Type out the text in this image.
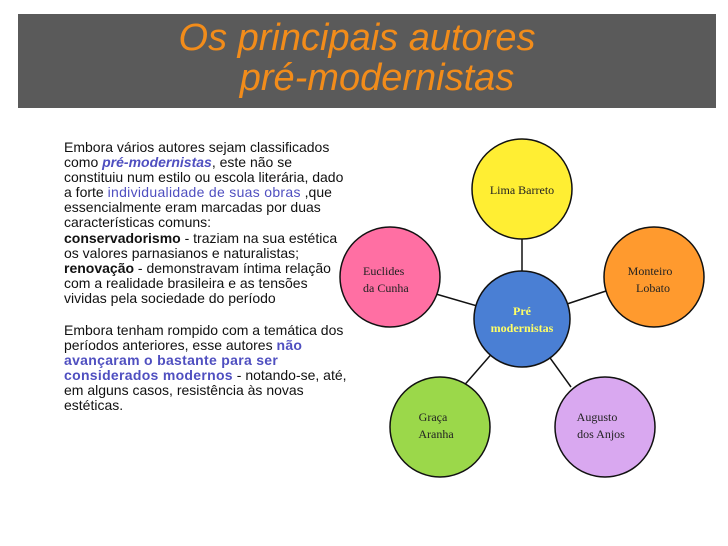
Os principais autores
pré-modernistas

Embora vários autores sejam classificados como pré-modernistas, este não se constituiu num estilo ou escola literária, dado a forte individualidade de suas obras ,que essencialmente eram marcadas por duas características comuns:

conservadorismo - traziam na sua estética os valores parnasianos e naturalistas;

renovação - demonstravam íntima relação com a realidade brasileira e as tensões vividas pela sociedade do período

Embora tenham rompido com a temática dos períodos anteriores, esse autores não avançaram o bastante para ser considerados modernos - notando-se, até, em alguns casos, resistência às novas estéticas.

Lima Barreto
Monteiro
Lobato
Augusto
dos Anjos
Graça
Aranha
Euclides
da Cunha
Pré
modernistas
